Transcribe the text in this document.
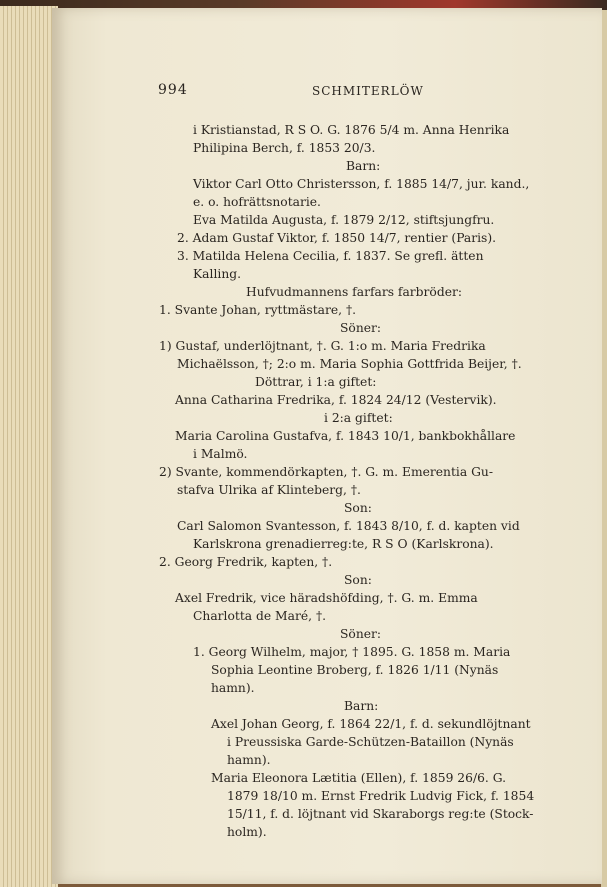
994	SCHMITERLÖW
i Kristianstad, R S O. G. 1876 5/4 m. Anna Henrika
Philipina Berch, f. 1853 20/3.
Barn:
Viktor Carl Otto Christersson, f. 1885 14/7, jur. kand.,
e. o. hofrättsnotarie.
Eva Matilda Augusta, f. 1879 2/12, stiftsjungfru.
2. Adam Gustaf Viktor, f. 1850 14/7, rentier (Paris).
3. Matilda Helena Cecilia, f. 1837. Se grefl. ätten
Kalling.
Hufvudmannens farfars farbröder:
1. Svante Johan, ryttmästare, †.
Söner:
1) Gustaf, underlöjtnant, †. G. 1:o m. Maria Fredrika
Michaëlsson, †; 2:o m. Maria Sophia Gottfrida Beijer, †.
Döttrar, i 1:a giftet:
Anna Catharina Fredrika, f. 1824 24/12 (Vestervik).
i 2:a giftet:
Maria Carolina Gustafva, f. 1843 10/1, bankbokhållare
i Malmö.
2) Svante, kommendörkapten, †. G. m. Emerentia Gu-
stafva Ulrika af Klinteberg, †.
Son:
Carl Salomon Svantesson, f. 1843 8/10, f. d. kapten vid
Karlskrona grenadierreg:te, R S O (Karlskrona).
2. Georg Fredrik, kapten, †.
Son:
Axel Fredrik, vice häradshöfding, †. G. m. Emma
Charlotta de Maré, †.
Söner:
1. Georg Wilhelm, major, † 1895. G. 1858 m. Maria
Sophia Leontine Broberg, f. 1826 1/11 (Nynäs
hamn).
Barn:
Axel Johan Georg, f. 1864 22/1, f. d. sekundlöjtnant
i Preussiska Garde-Schützen-Bataillon (Nynäs
hamn).
Maria Eleonora Lætitia (Ellen), f. 1859 26/6. G.
1879 18/10 m. Ernst Fredrik Ludvig Fick, f. 1854
15/11, f. d. löjtnant vid Skaraborgs reg:te (Stock-
holm).
